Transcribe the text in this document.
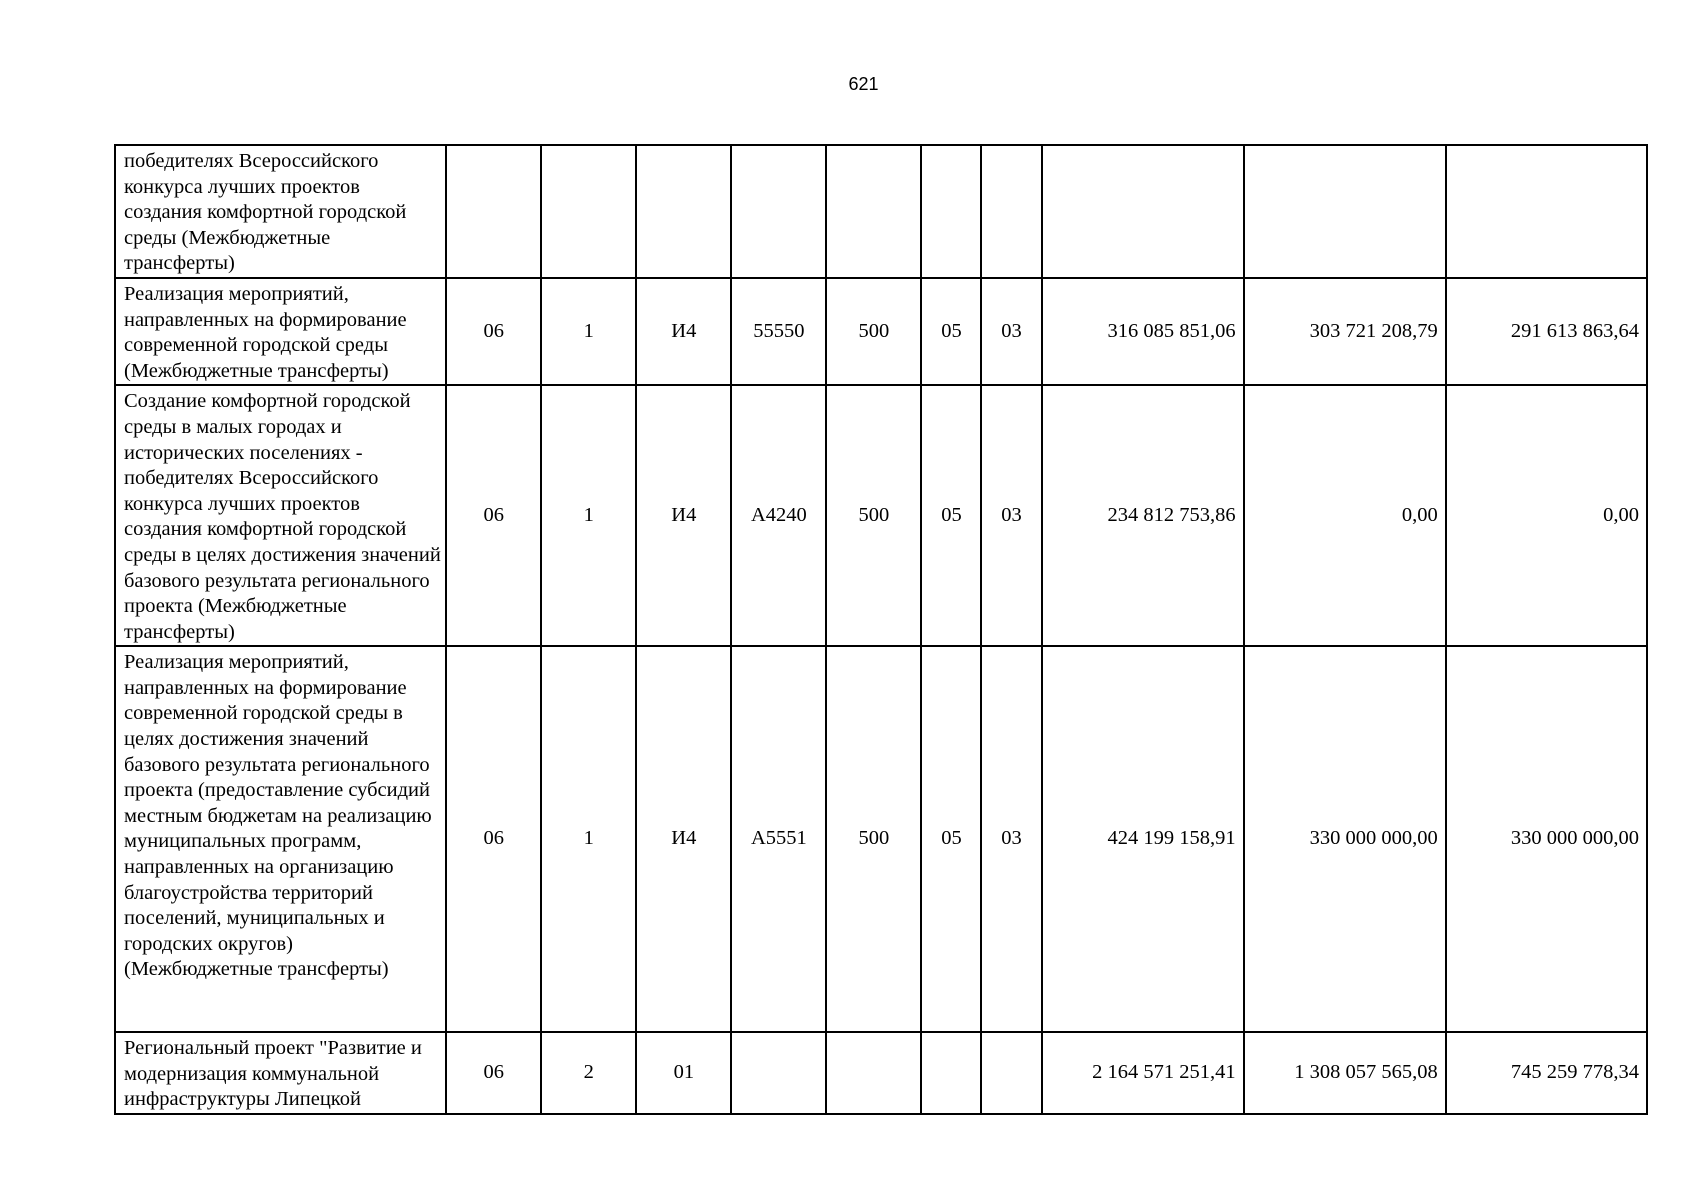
621
победителях Всероссийского конкурса лучших проектов создания комфортной городской среды (Межбюджетные трансферты)										
Реализация мероприятий, направленных на формирование современной городской среды (Межбюджетные трансферты)	06	1	И4	55550	500	05	03	316 085 851,06	303 721 208,79	291 613 863,64
Создание комфортной городской среды в малых городах и исторических поселениях - победителях Всероссийского конкурса лучших проектов создания комфортной городской среды в целях достижения значений базового результата регионального проекта (Межбюджетные трансферты)	06	1	И4	А4240	500	05	03	234 812 753,86	0,00	0,00
Реализация мероприятий, направленных на формирование современной городской среды в целях достижения значений базового результата регионального проекта (предоставление субсидий местным бюджетам на реализацию муниципальных программ, направленных на организацию благоустройства территорий поселений, муниципальных и городских округов) (Межбюджетные трансферты)	06	1	И4	А5551	500	05	03	424 199 158,91	330 000 000,00	330 000 000,00
Региональный проект "Развитие и модернизация коммунальной инфраструктуры Липецкой	06	2	01					2 164 571 251,41	1 308 057 565,08	745 259 778,34
